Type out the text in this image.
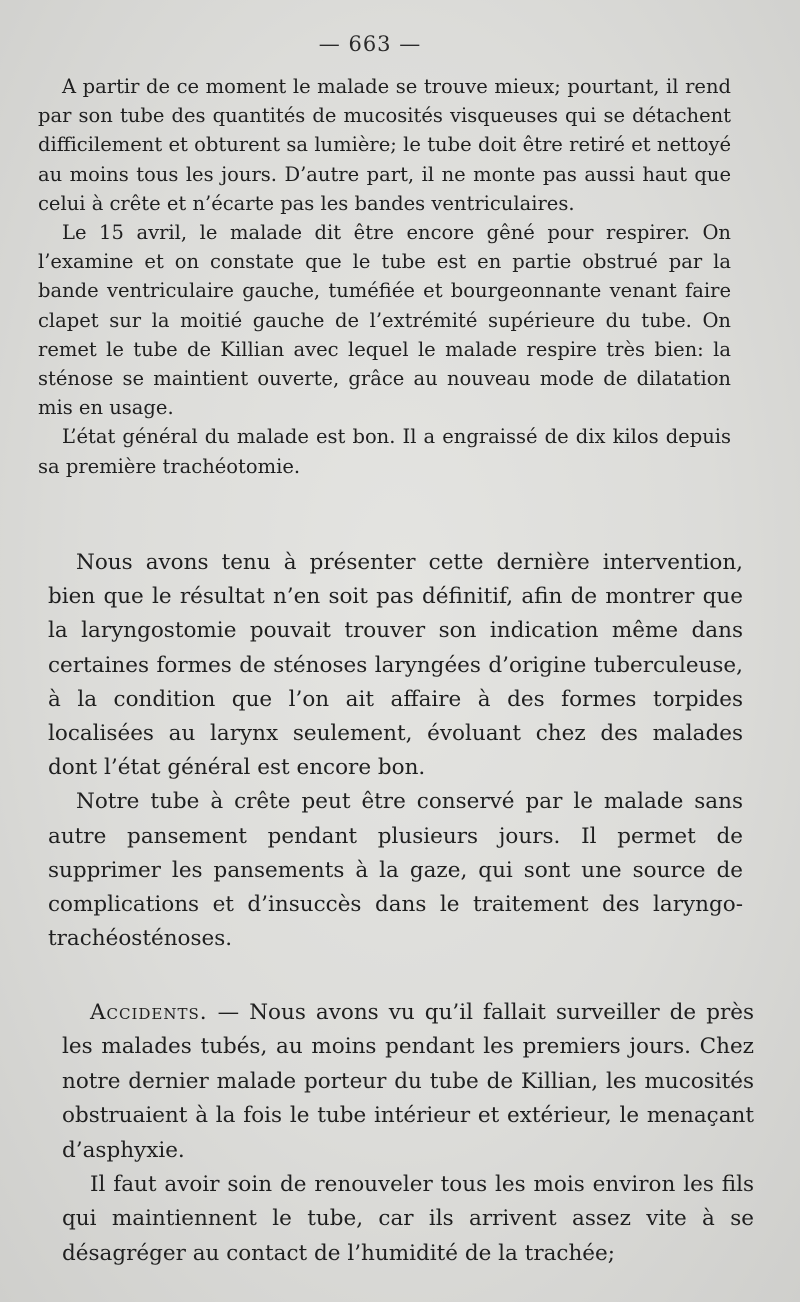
— 663 —

A partir de ce moment le malade se trouve mieux; pourtant, il rend par son tube des quantités de mucosités visqueuses qui se détachent difficilement et obturent sa lumière; le tube doit être retiré et nettoyé au moins tous les jours. D’autre part, il ne monte pas aussi haut que celui à crête et n’écarte pas les bandes ventriculaires.

Le 15 avril, le malade dit être encore gêné pour respirer. On l’examine et on constate que le tube est en partie obstrué par la bande ventriculaire gauche, tuméfiée et bourgeonnante venant faire clapet sur la moitié gauche de l’extrémité supérieure du tube. On remet le tube de Killian avec lequel le malade respire très bien: la sténose se maintient ouverte, grâce au nouveau mode de dilatation mis en usage.

L’état général du malade est bon. Il a engraissé de dix kilos depuis sa première trachéotomie.

Nous avons tenu à présenter cette dernière intervention, bien que le résultat n’en soit pas définitif, afin de montrer que la laryngostomie pouvait trouver son indication même dans certaines formes de sténoses laryngées d’origine tuberculeuse, à la condition que l’on ait affaire à des formes torpides localisées au larynx seulement, évoluant chez des malades dont l’état général est encore bon.

Notre tube à crête peut être conservé par le malade sans autre pansement pendant plusieurs jours. Il permet de supprimer les pansements à la gaze, qui sont une source de complications et d’insuccès dans le traitement des laryngo-trachéosténoses.

Accidents. — Nous avons vu qu’il fallait surveiller de près les malades tubés, au moins pendant les premiers jours. Chez notre dernier malade porteur du tube de Killian, les mucosités obstruaient à la fois le tube intérieur et extérieur, le menaçant d’asphyxie.

Il faut avoir soin de renouveler tous les mois environ les fils qui maintiennent le tube, car ils arrivent assez vite à se désagréger au contact de l’humidité de la trachée;
